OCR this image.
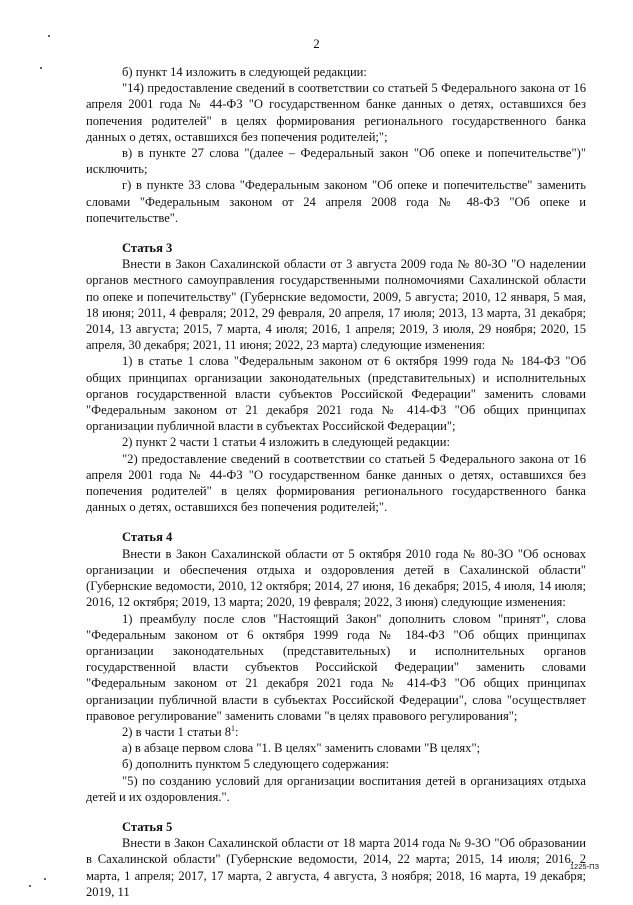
2

б) пункт 14 изложить в следующей редакции:

"14) предоставление сведений в соответствии со статьей 5 Федерального закона от 16 апреля 2001 года № 44-ФЗ "О государственном банке данных о детях, оставшихся без попечения родителей" в целях формирования регионального государственного банка данных о детях, оставшихся без попечения родителей;";

в) в пункте 27 слова "(далее – Федеральный закон "Об опеке и попечительстве")" исключить;

г) в пункте 33 слова "Федеральным законом "Об опеке и попечительстве" заменить словами "Федеральным законом от 24 апреля 2008 года № 48-ФЗ "Об опеке и попечительстве".

Статья 3

Внести в Закон Сахалинской области от 3 августа 2009 года № 80-ЗО "О наделении органов местного самоуправления государственными полномочиями Сахалинской области по опеке и попечительству" (Губернские ведомости, 2009, 5 августа; 2010, 12 января, 5 мая, 18 июня; 2011, 4 февраля; 2012, 29 февраля, 20 апреля, 17 июля; 2013, 13 марта, 31 декабря; 2014, 13 августа; 2015, 7 марта, 4 июля; 2016, 1 апреля; 2019, 3 июля, 29 ноября; 2020, 15 апреля, 30 декабря; 2021, 11 июня; 2022, 23 марта) следующие изменения:

1) в статье 1 слова "Федеральным законом от 6 октября 1999 года № 184-ФЗ "Об общих принципах организации законодательных (представительных) и исполнительных органов государственной власти субъектов Российской Федерации" заменить словами "Федеральным законом от 21 декабря 2021 года № 414-ФЗ "Об общих принципах организации публичной власти в субъектах Российской Федерации";

2) пункт 2 части 1 статьи 4 изложить в следующей редакции:

"2) предоставление сведений в соответствии со статьей 5 Федерального закона от 16 апреля 2001 года № 44-ФЗ "О государственном банке данных о детях, оставшихся без попечения родителей" в целях формирования регионального государственного банка данных о детях, оставшихся без попечения родителей;".

Статья 4

Внести в Закон Сахалинской области от 5 октября 2010 года № 80-ЗО "Об основах организации и обеспечения отдыха и оздоровления детей в Сахалинской области" (Губернские ведомости, 2010, 12 октября; 2014, 27 июня, 16 декабря; 2015, 4 июля, 14 июля; 2016, 12 октября; 2019, 13 марта; 2020, 19 февраля; 2022, 3 июня) следующие изменения:

1) преамбулу после слов "Настоящий Закон" дополнить словом "принят", слова "Федеральным законом от 6 октября 1999 года № 184-ФЗ "Об общих принципах организации законодательных (представительных) и исполнительных органов государственной власти субъектов Российской Федерации" заменить словами "Федеральным законом от 21 декабря 2021 года № 414-ФЗ "Об общих принципах организации публичной власти в субъектах Российской Федерации", слова "осуществляет правовое регулирование" заменить словами "в целях правового регулирования";

2) в части 1 статьи $8^1$:

а) в абзаце первом слова "1. В целях" заменить словами "В целях";

б) дополнить пунктом 5 следующего содержания:

"5) по созданию условий для организации воспитания детей в организациях отдыха детей и их оздоровления.".

Статья 5

Внести в Закон Сахалинской области от 18 марта 2014 года № 9-ЗО "Об образовании в Сахалинской области" (Губернские ведомости, 2014, 22 марта; 2015, 14 июля; 2016, 2 марта, 1 апреля; 2017, 17 марта, 2 августа, 4 августа, 3 ноября; 2018, 16 марта, 19 декабря; 2019, 11

1225-ПЗ
